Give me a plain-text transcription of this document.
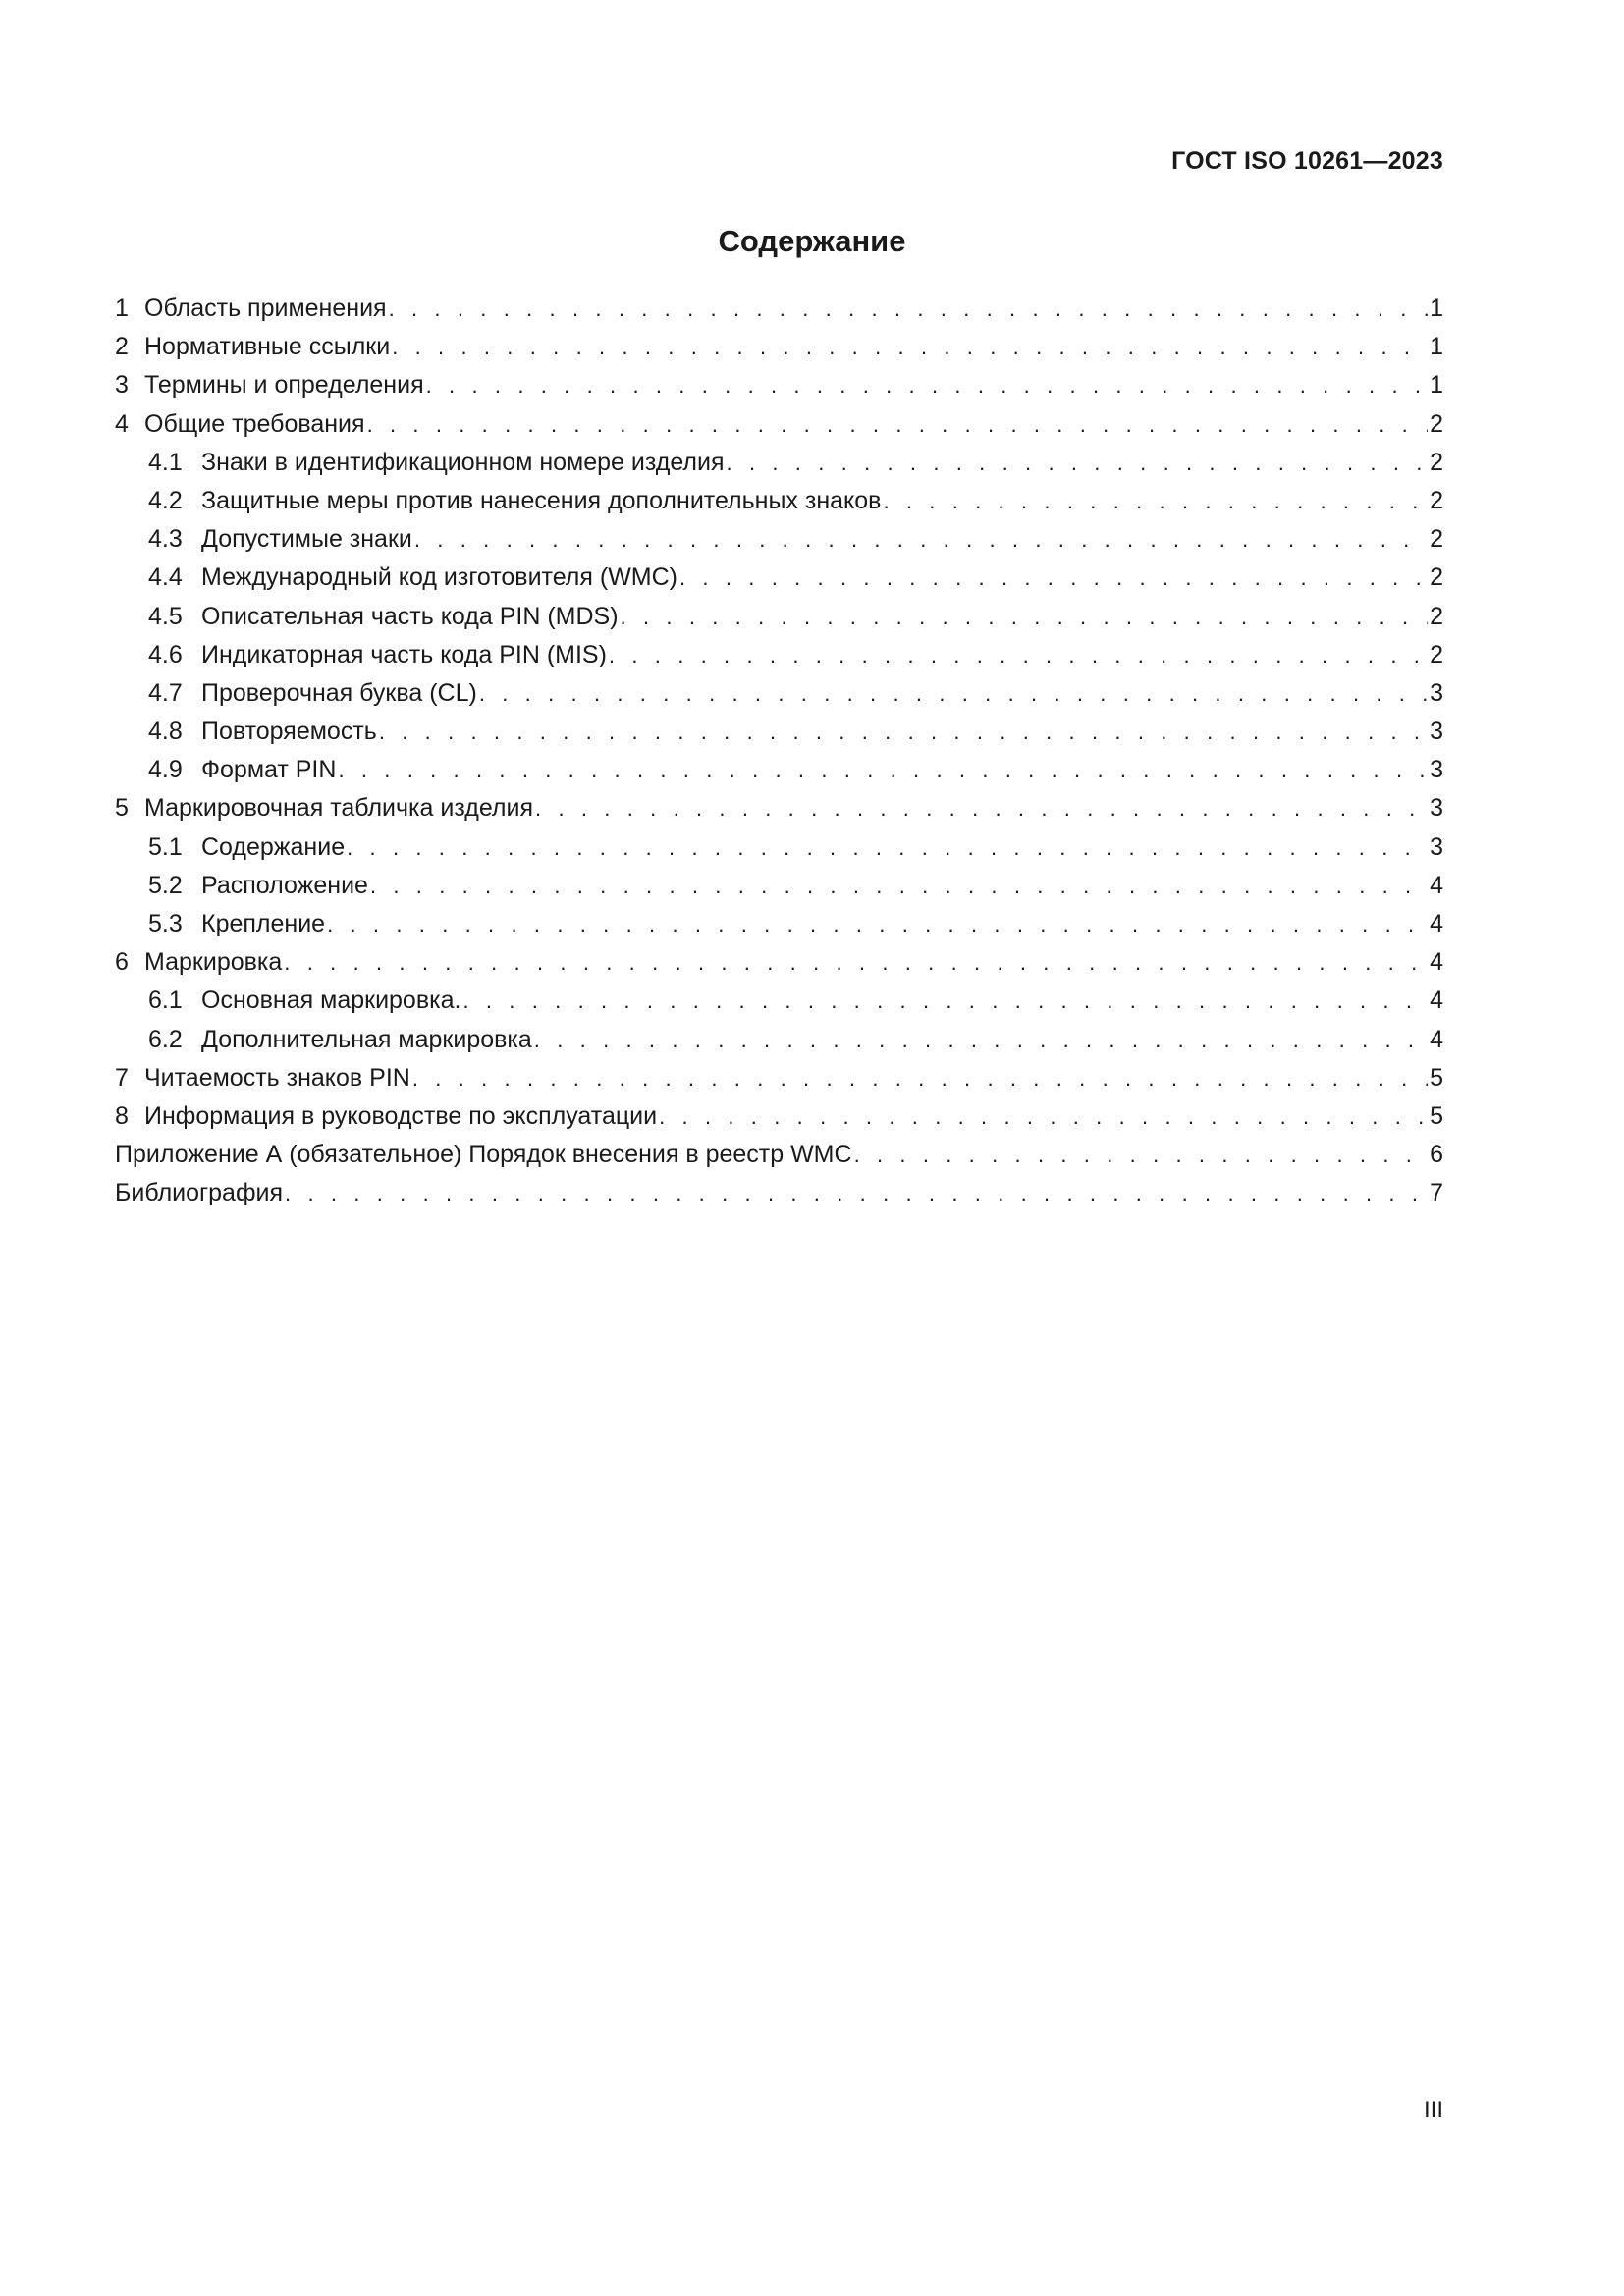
ГОСТ ISO 10261—2023
Содержание
1 Область применения . . .	1
2 Нормативные ссылки . . .	1
3 Термины и определения . . .	1
4 Общие требования . . .	2
4.1 Знаки в идентификационном номере изделия . . .	2
4.2 Защитные меры против нанесения дополнительных знаков . . .	2
4.3 Допустимые знаки . . .	2
4.4 Международный код изготовителя (WMC) . . .	2
4.5 Описательная часть кода PIN (MDS) . . .	2
4.6 Индикаторная часть кода PIN (MIS) . . .	2
4.7 Проверочная буква (CL) . . .	3
4.8 Повторяемость . . .	3
4.9 Формат PIN . . .	3
5 Маркировочная табличка изделия . . .	3
5.1 Содержание . . .	3
5.2 Расположение . . .	4
5.3 Крепление . . .	4
6 Маркировка . . .	4
6.1 Основная маркировка. . . .	4
6.2 Дополнительная маркировка . . .	4
7 Читаемость знаков PIN . . .	5
8 Информация в руководстве по эксплуатации . . .	5
Приложение А (обязательное) Порядок внесения в реестр WMC . . .	6
Библиография . . .	7
III
